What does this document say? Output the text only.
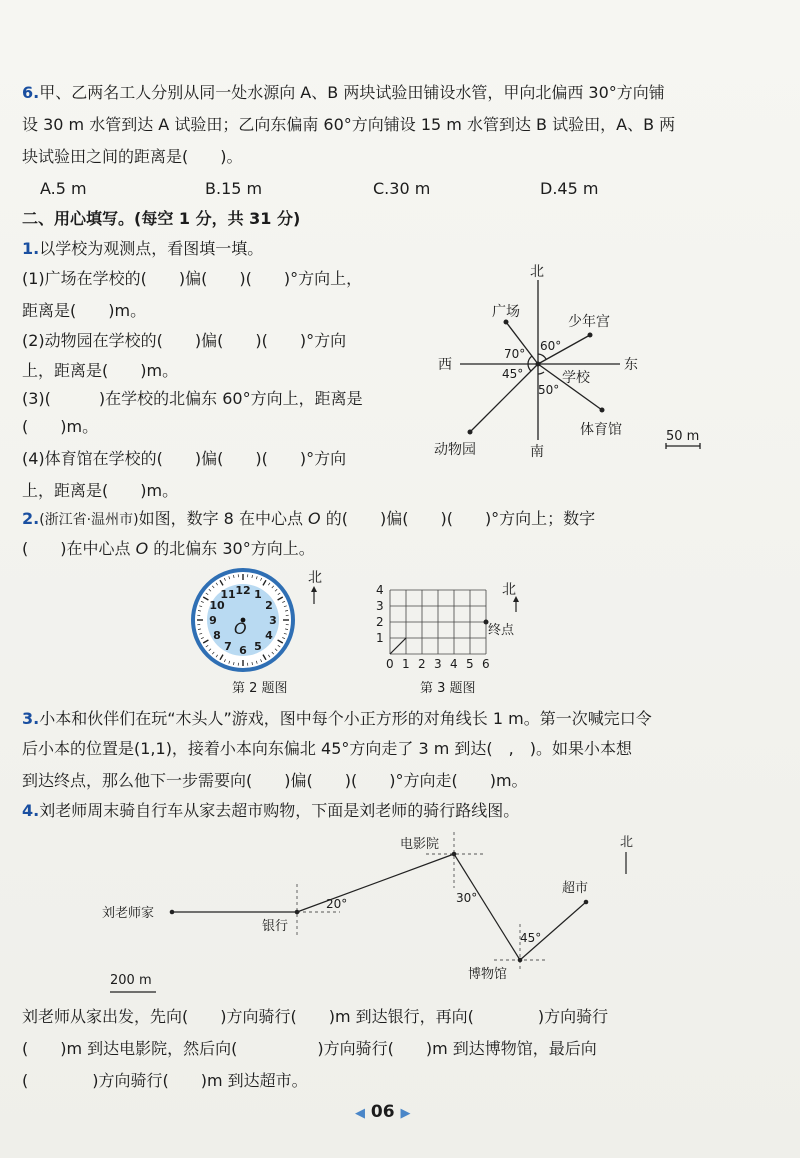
6.甲、乙两名工人分别从同一处水源向 A、B 两块试验田铺设水管，甲向北偏西 30°方向铺
设 30 m 水管到达 A 试验田；乙向东偏南 60°方向铺设 15 m 水管到达 B 试验田，A、B 两
块试验田之间的距离是(　　)。
A.5 m	B.15 m	C.30 m	D.45 m
二、用心填写。(每空 1 分，共 31 分)
1.以学校为观测点，看图填一填。
(1)广场在学校的(　　)偏(　　)(　　)°方向上，
距离是(　　)m。
(2)动物园在学校的(　　)偏(　　)(　　)°方向
上，距离是(　　)m。
(3)(　　　)在学校的北偏东 60°方向上，距离是
(　　)m。
(4)体育馆在学校的(　　)偏(　　)(　　)°方向
上，距离是(　　)m。
北
南
西	东
广场
少年宫
学校
动物园
体育馆	50 m
70°
60°
45°
50°
2.(浙江省·温州市)如图，数字 8 在中心点 O 的(　　)偏(　　)(　　)°方向上；数字
(　　)在中心点 O 的北偏东 30°方向上。
12 1
2
3
4
5
6
7
8
9
10
11
O
北
第 2 题图
终点
北
0 1 2 3 4 5 6
1
2
3
4
第 3 题图
3.小本和伙伴们在玩“木头人”游戏，图中每个小正方形的对角线长 1 m。第一次喊完口令
后小本的位置是(1,1)，接着小本向东偏北 45°方向走了 3 m 到达(　,　)。如果小本想
到达终点，那么他下一步需要向(　　)偏(　　)(　　)°方向走(　　)m。
4.刘老师周末骑自行车从家去超市购物，下面是刘老师的骑行路线图。
刘老师家
银行
电影院
博物馆
超市
北
20°	30°
45°
200 m
刘老师从家出发，先向(　　)方向骑行(　　)m 到达银行，再向(　　　　)方向骑行
(　　)m 到达电影院，然后向(　　　　　)方向骑行(　　)m 到达博物馆，最后向
(　　　　)方向骑行(　　)m 到达超市。
◀ 06 ▶
